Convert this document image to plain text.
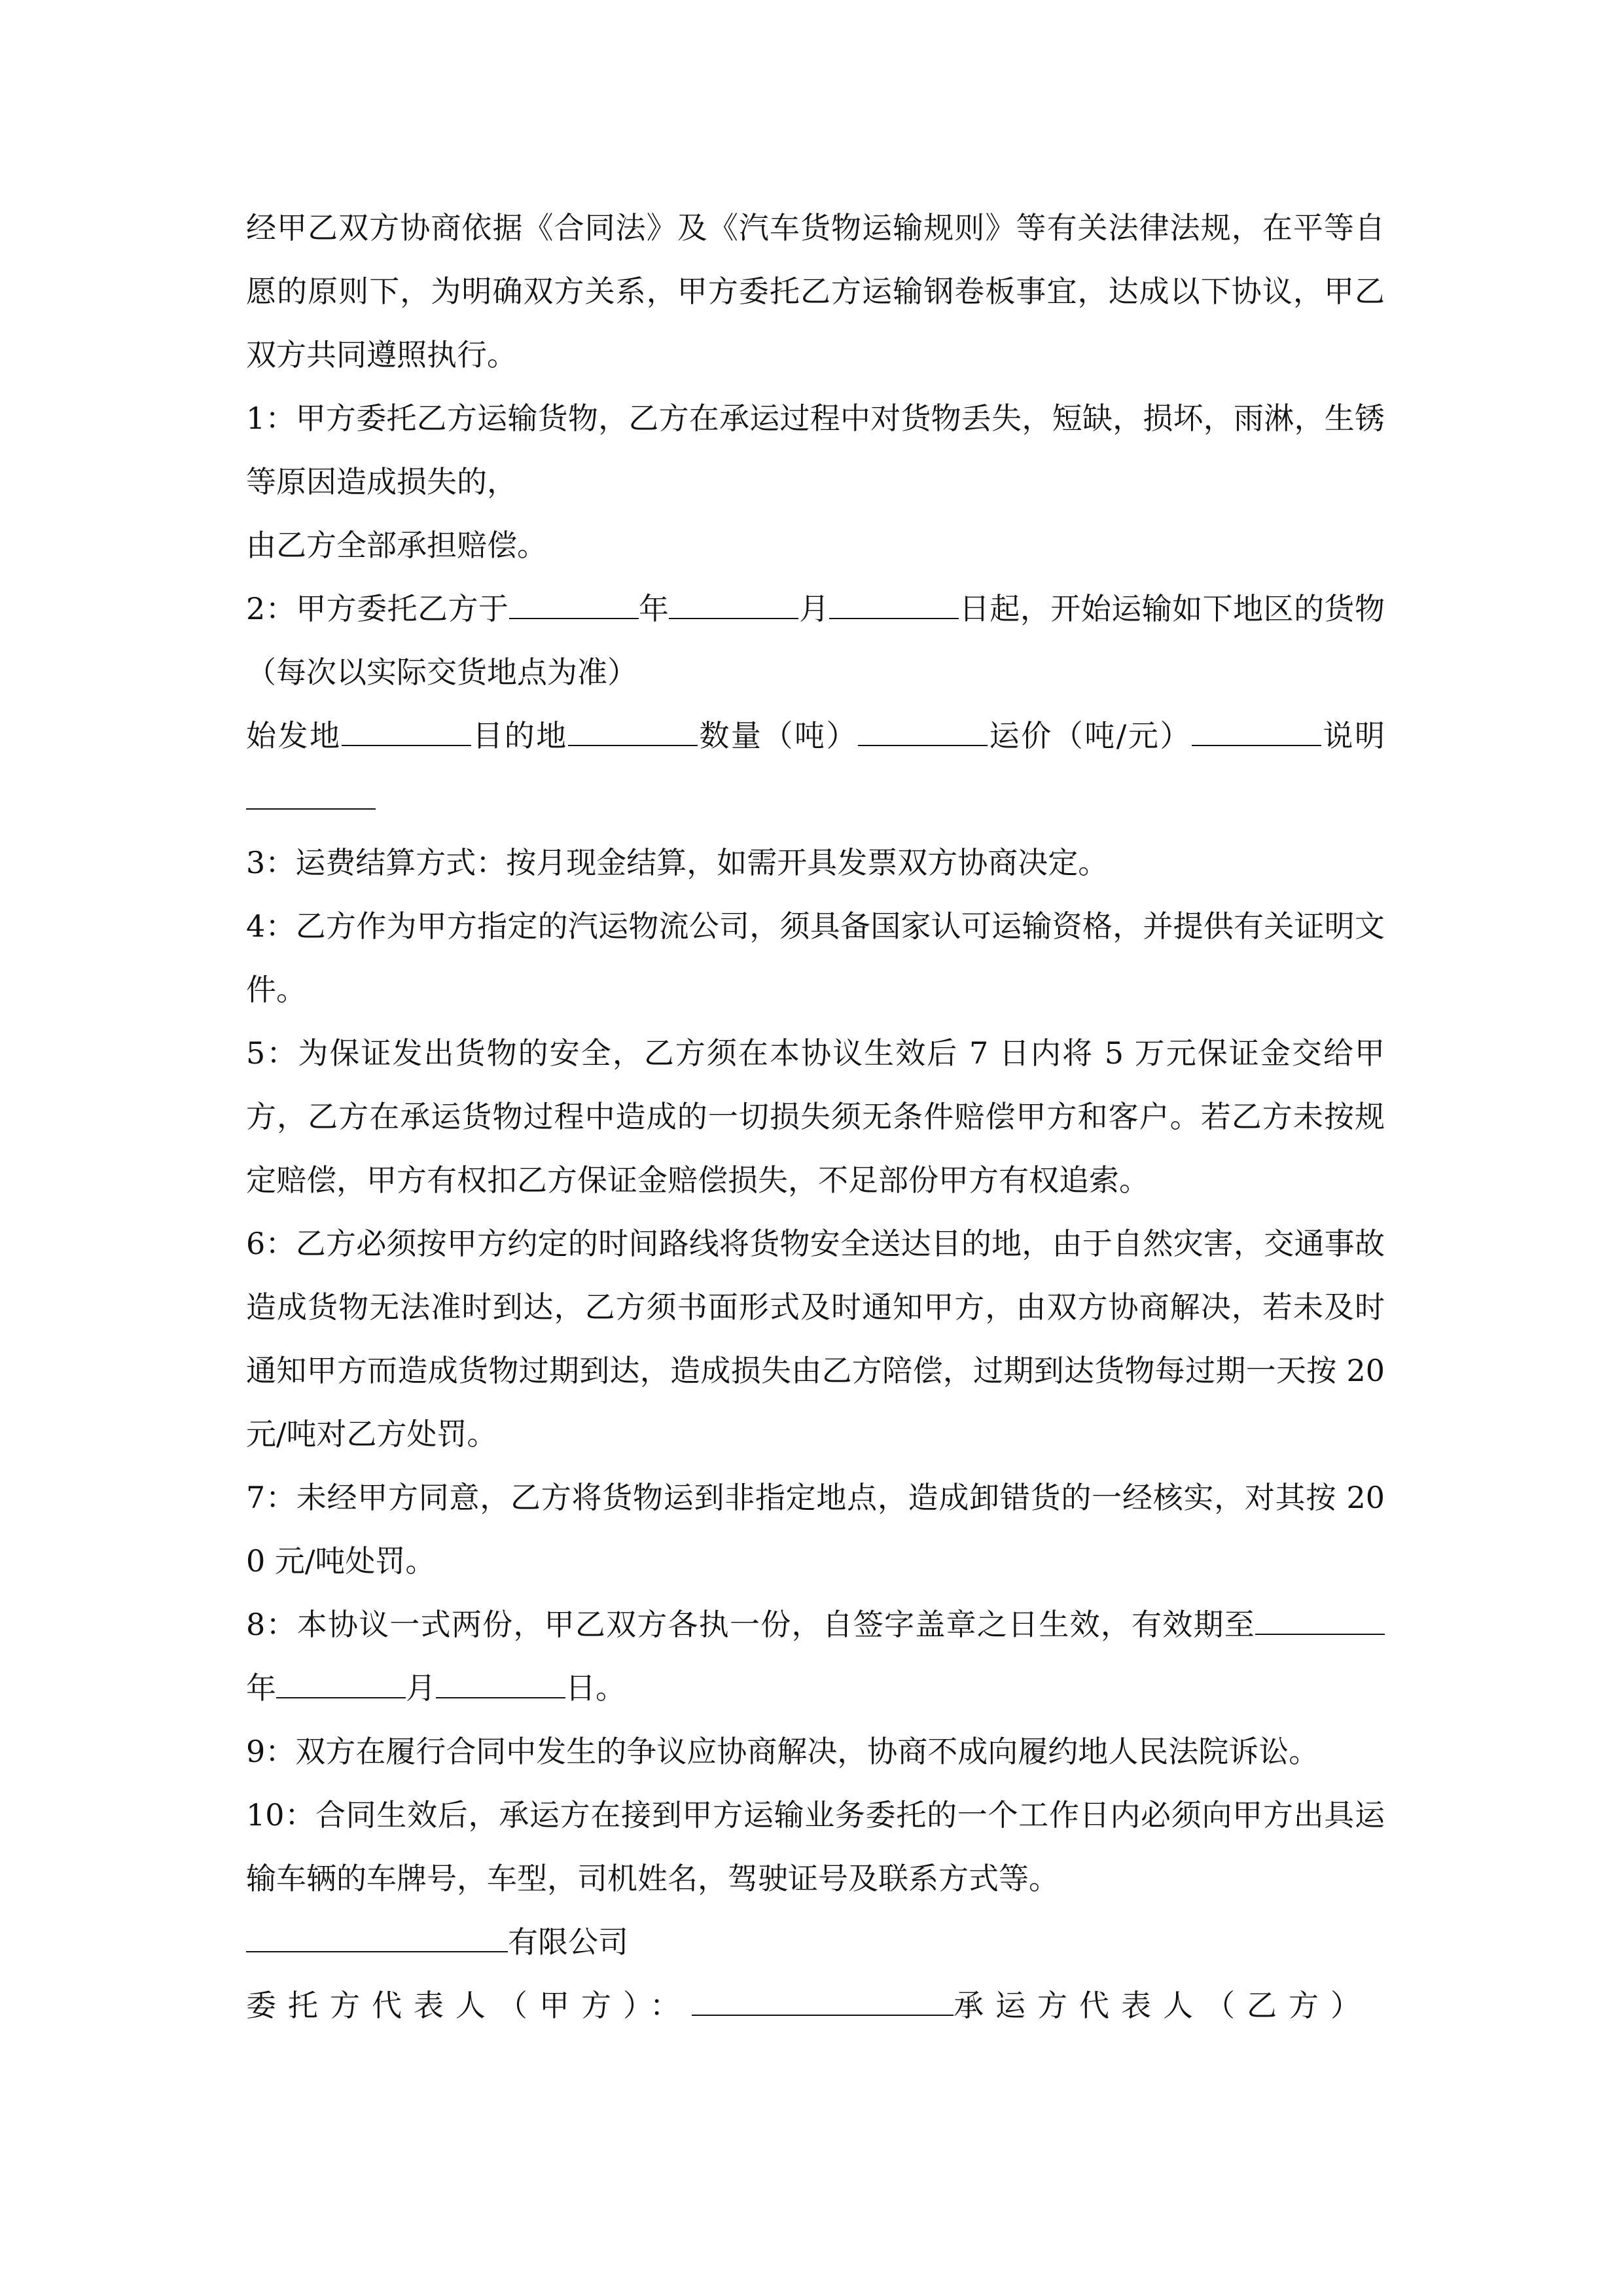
经甲乙双方协商依据《合同法》及《汽车货物运输规则》等有关法律法规，在平等自愿的原则下，为明确双方关系，甲方委托乙方运输钢卷板事宜，达成以下协议，甲乙双方共同遵照执行。

1：甲方委托乙方运输货物，乙方在承运过程中对货物丢失，短缺，损坏，雨淋，生锈等原因造成损失的，

由乙方全部承担赔偿。

2：甲方委托乙方于	年	月	日起，开始运输如下地区的货物（每次以实际交货地点为准）

始发地	目的地	数量（吨）	运价（吨/元）	说明

3：运费结算方式：按月现金结算，如需开具发票双方协商决定。

4：乙方作为甲方指定的汽运物流公司，须具备国家认可运输资格，并提供有关证明文件。

5：为保证发出货物的安全，乙方须在本协议生效后 7 日内将 5 万元保证金交给甲方，乙方在承运货物过程中造成的一切损失须无条件赔偿甲方和客户。若乙方未按规定赔偿，甲方有权扣乙方保证金赔偿损失，不足部份甲方有权追索。

6：乙方必须按甲方约定的时间路线将货物安全送达目的地，由于自然灾害，交通事故造成货物无法准时到达，乙方须书面形式及时通知甲方，由双方协商解决，若未及时通知甲方而造成货物过期到达，造成损失由乙方陪偿，过期到达货物每过期一天按 20 元/吨对乙方处罚。

7：未经甲方同意，乙方将货物运到非指定地点，造成卸错货的一经核实，对其按 200 元/吨处罚。

8：本协议一式两份，甲乙双方各执一份，自签字盖章之日生效，有效期至年	月	日。

9：双方在履行合同中发生的争议应协商解决，协商不成向履约地人民法院诉讼。

10：合同生效后，承运方在接到甲方运输业务委托的一个工作日内必须向甲方出具运输车辆的车牌号，车型，司机姓名，驾驶证号及联系方式等。

有限公司

委托方代表人（甲方）：	承运方代表人（乙方）
